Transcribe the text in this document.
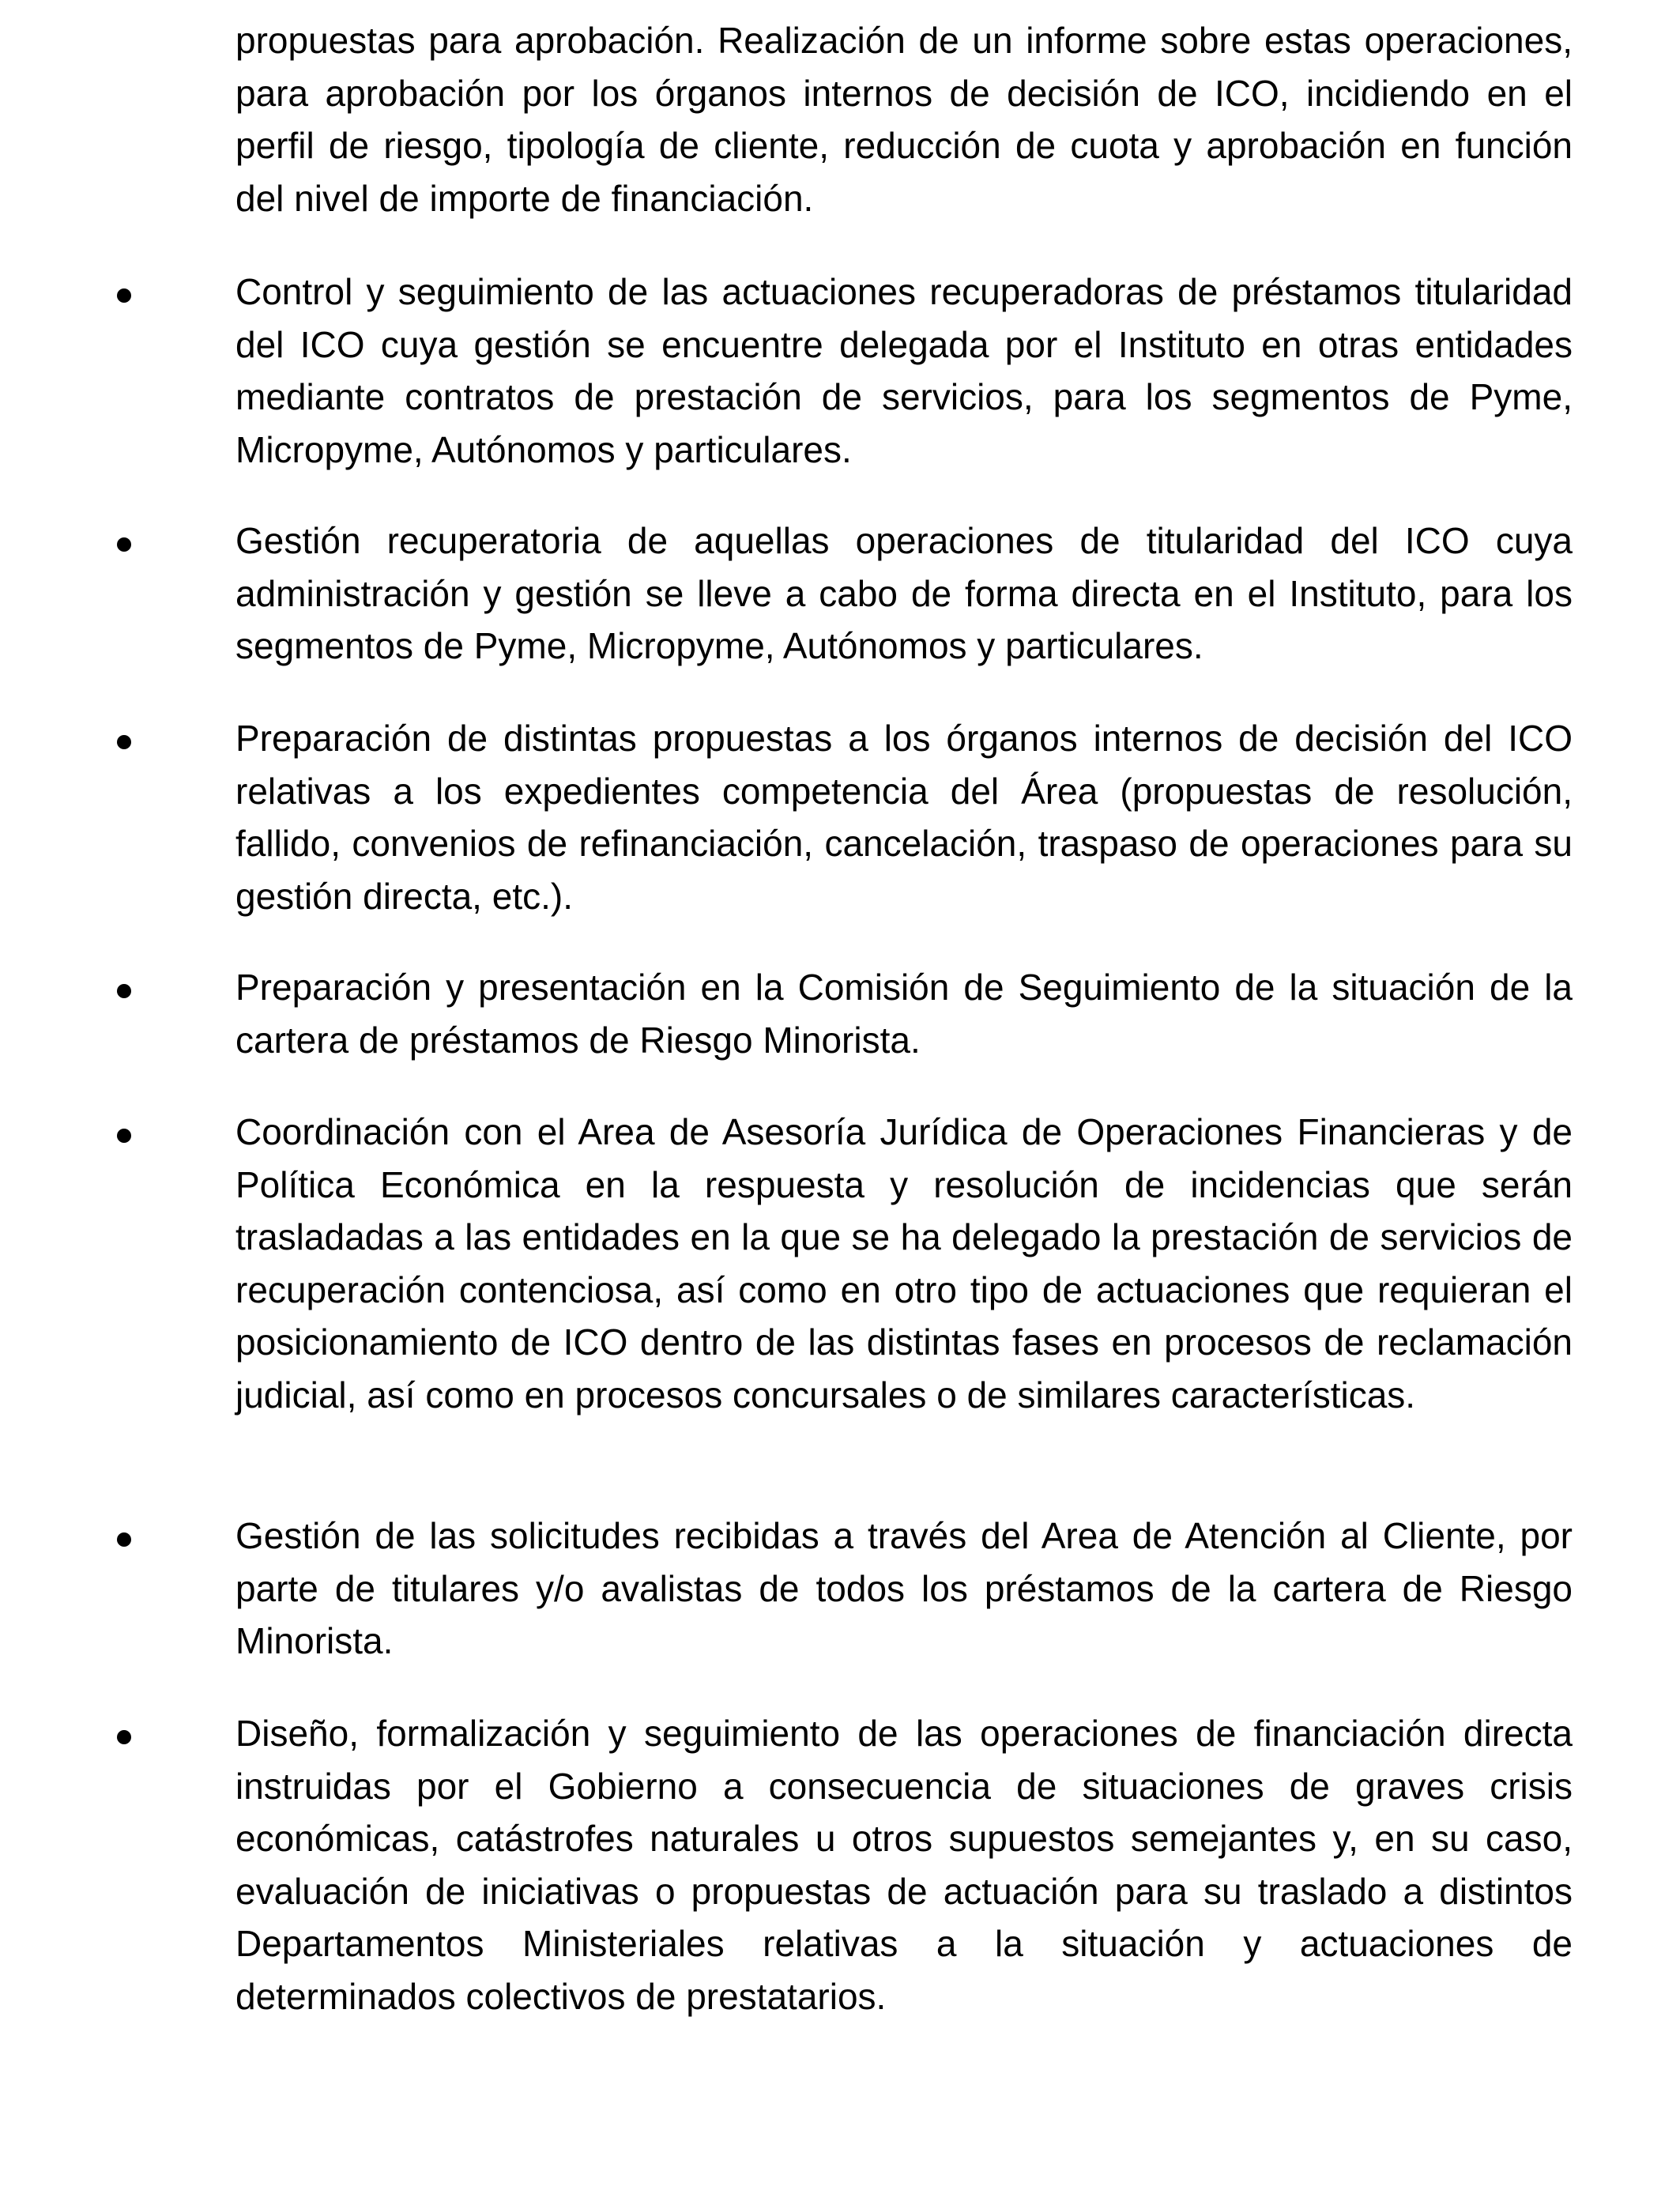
propuestas para aprobación. Realización de un informe sobre estas operaciones, para aprobación por los órganos internos de decisión de ICO, incidiendo en el perfil de riesgo, tipología de cliente, reducción de cuota y aprobación en función del nivel de importe de financiación.

Control y seguimiento de las actuaciones recuperadoras de préstamos titularidad del ICO cuya gestión se encuentre delegada por el Instituto en otras entidades mediante contratos de prestación de servicios, para los segmentos de Pyme, Micropyme, Autónomos y particulares.

Gestión recuperatoria de aquellas operaciones de titularidad del ICO cuya administración y gestión se lleve a cabo de forma directa en el Instituto, para los segmentos de Pyme, Micropyme, Autónomos y particulares.

Preparación de distintas propuestas a los órganos internos de decisión del ICO relativas a los expedientes competencia del Área (propuestas de resolución, fallido, convenios de refinanciación, cancelación, traspaso de operaciones para su gestión directa, etc.).

Preparación y presentación en la Comisión de Seguimiento de la situación de la cartera de préstamos de Riesgo Minorista.

Coordinación con el Area de Asesoría Jurídica de Operaciones Financieras y de Política Económica en la respuesta y resolución de incidencias que serán trasladadas a las entidades en la que se ha delegado la prestación de servicios de recuperación contenciosa, así como en otro tipo de actuaciones que requieran el posicionamiento de ICO dentro de las distintas fases en procesos de reclamación judicial, así como en procesos concursales o de similares características.

Gestión de las solicitudes recibidas a través del Area de Atención al Cliente, por parte de titulares y/o avalistas de todos los préstamos de la cartera de Riesgo Minorista.

Diseño, formalización y seguimiento de las operaciones de financiación directa instruidas por el Gobierno a consecuencia de situaciones de graves crisis económicas, catástrofes naturales u otros supuestos semejantes y, en su caso, evaluación de iniciativas o propuestas de actuación para su traslado a distintos Departamentos Ministeriales relativas a la situación y actuaciones de determinados colectivos de prestatarios.
